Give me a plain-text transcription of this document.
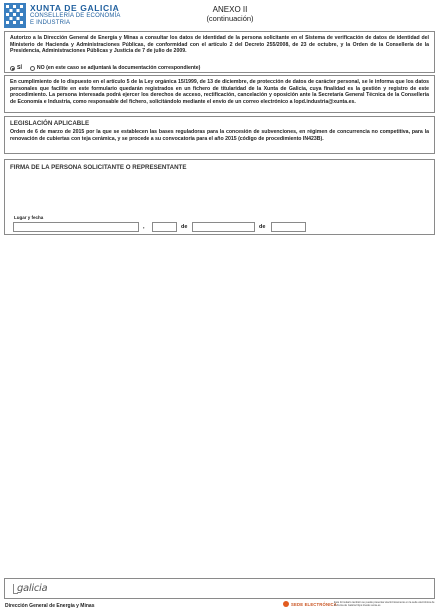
XUNTA DE GALICIA
CONSELLERÍA DE ECONOMÍA
E INDUSTRIA
ANEXO II
(continuación)
Autorizo a la Dirección General de Energía y Minas a consultar los datos de identidad de la persona solicitante en el Sistema de verificación de datos de identidad del Ministerio de Hacienda y Administraciones Públicas, de conformidad con el artículo 2 del Decreto 255/2008, de 23 de octubre, y la Orden de la Consellería de la Presidencia, Administraciones Públicas y Justicia de 7 de julio de 2009.
SÍ	NO (en este caso se adjuntará la documentación correspondiente)
En cumplimiento de lo dispuesto en el artículo 5 de la Ley orgánica 15/1999, de 13 de diciembre, de protección de datos de carácter personal, se le informa que los datos personales que facilite en este formulario quedarán registrados en un fichero de titularidad de la Xunta de Galicia, cuya finalidad es la gestión y registro de este procedimiento. La persona interesada podrá ejercer los derechos de acceso, rectificación, cancelación y oposición ante la Secretaría General Técnica de la Consellería de Economía e Industria, como responsable del fichero, solicitándolo mediante el envío de un correo electrónico a lopd.industria@xunta.es.
LEGISLACIÓN APLICABLE
Orden de 6 de marzo de 2015 por la que se establecen las bases reguladoras para la concesión de subvenciones, en régimen de concurrencia no competitiva, para la renovación de cubiertas con teja cerámica, y se procede a su convocatoria para el año 2015 (código de procedimiento IN423B).
FIRMA DE LA PERSONA SOLICITANTE O REPRESENTANTE
Lugar y fecha
,	de	de
galicia
Dirección General de Energía y Minas	SEDE ELECTRÓNICA
Este formulario también se puede presentar electrónicamente en la sede electrónica de la Xunta de Galicia https://sede.xunta.es
